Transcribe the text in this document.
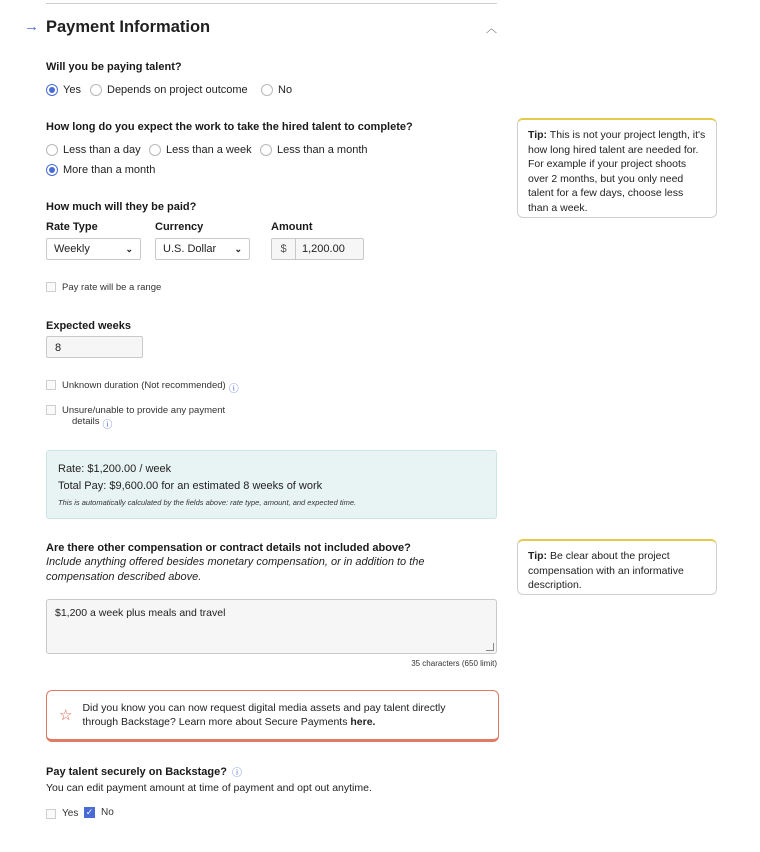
→ Payment Information	︿
Will you be paying talent?
Yes Depends on project outcome	No
How long do you expect the work to take the hired talent to complete?
Less than a day Less than a week Less than a month
More than a month
Tip: This is not your project length, it's how long hired talent are needed for. For example if your project shoots over 2 months, but you only need talent for a few days, choose less than a week.
How much will they be paid?
Rate Type	Currency	Amount
Weekly	⌄	U.S. Dollar ⌄	$	1,200.00
Pay rate will be a range
Expected weeks
8
Unknown duration (Not recommended) ⓘ
Unsure/unable to provide any payment
details ⓘ
Rate: $1,200.00 / week
Total Pay: $9,600.00 for an estimated 8 weeks of work
This is automatically calculated by the fields above: rate type, amount, and expected time.
Are there other compensation or contract details not included above?
Include anything offered besides monetary compensation, or in addition to the compensation described above.
Tip: Be clear about the project compensation with an informative description.
$1,200 a week plus meals and travel
35 characters (650 limit)
☆ Did you know you can now request digital media assets and pay talent directly through Backstage? Learn more about Secure Payments here.
Pay talent securely on Backstage? ⓘ
You can edit payment amount at time of payment and opt out anytime.
Yes ✓ No
